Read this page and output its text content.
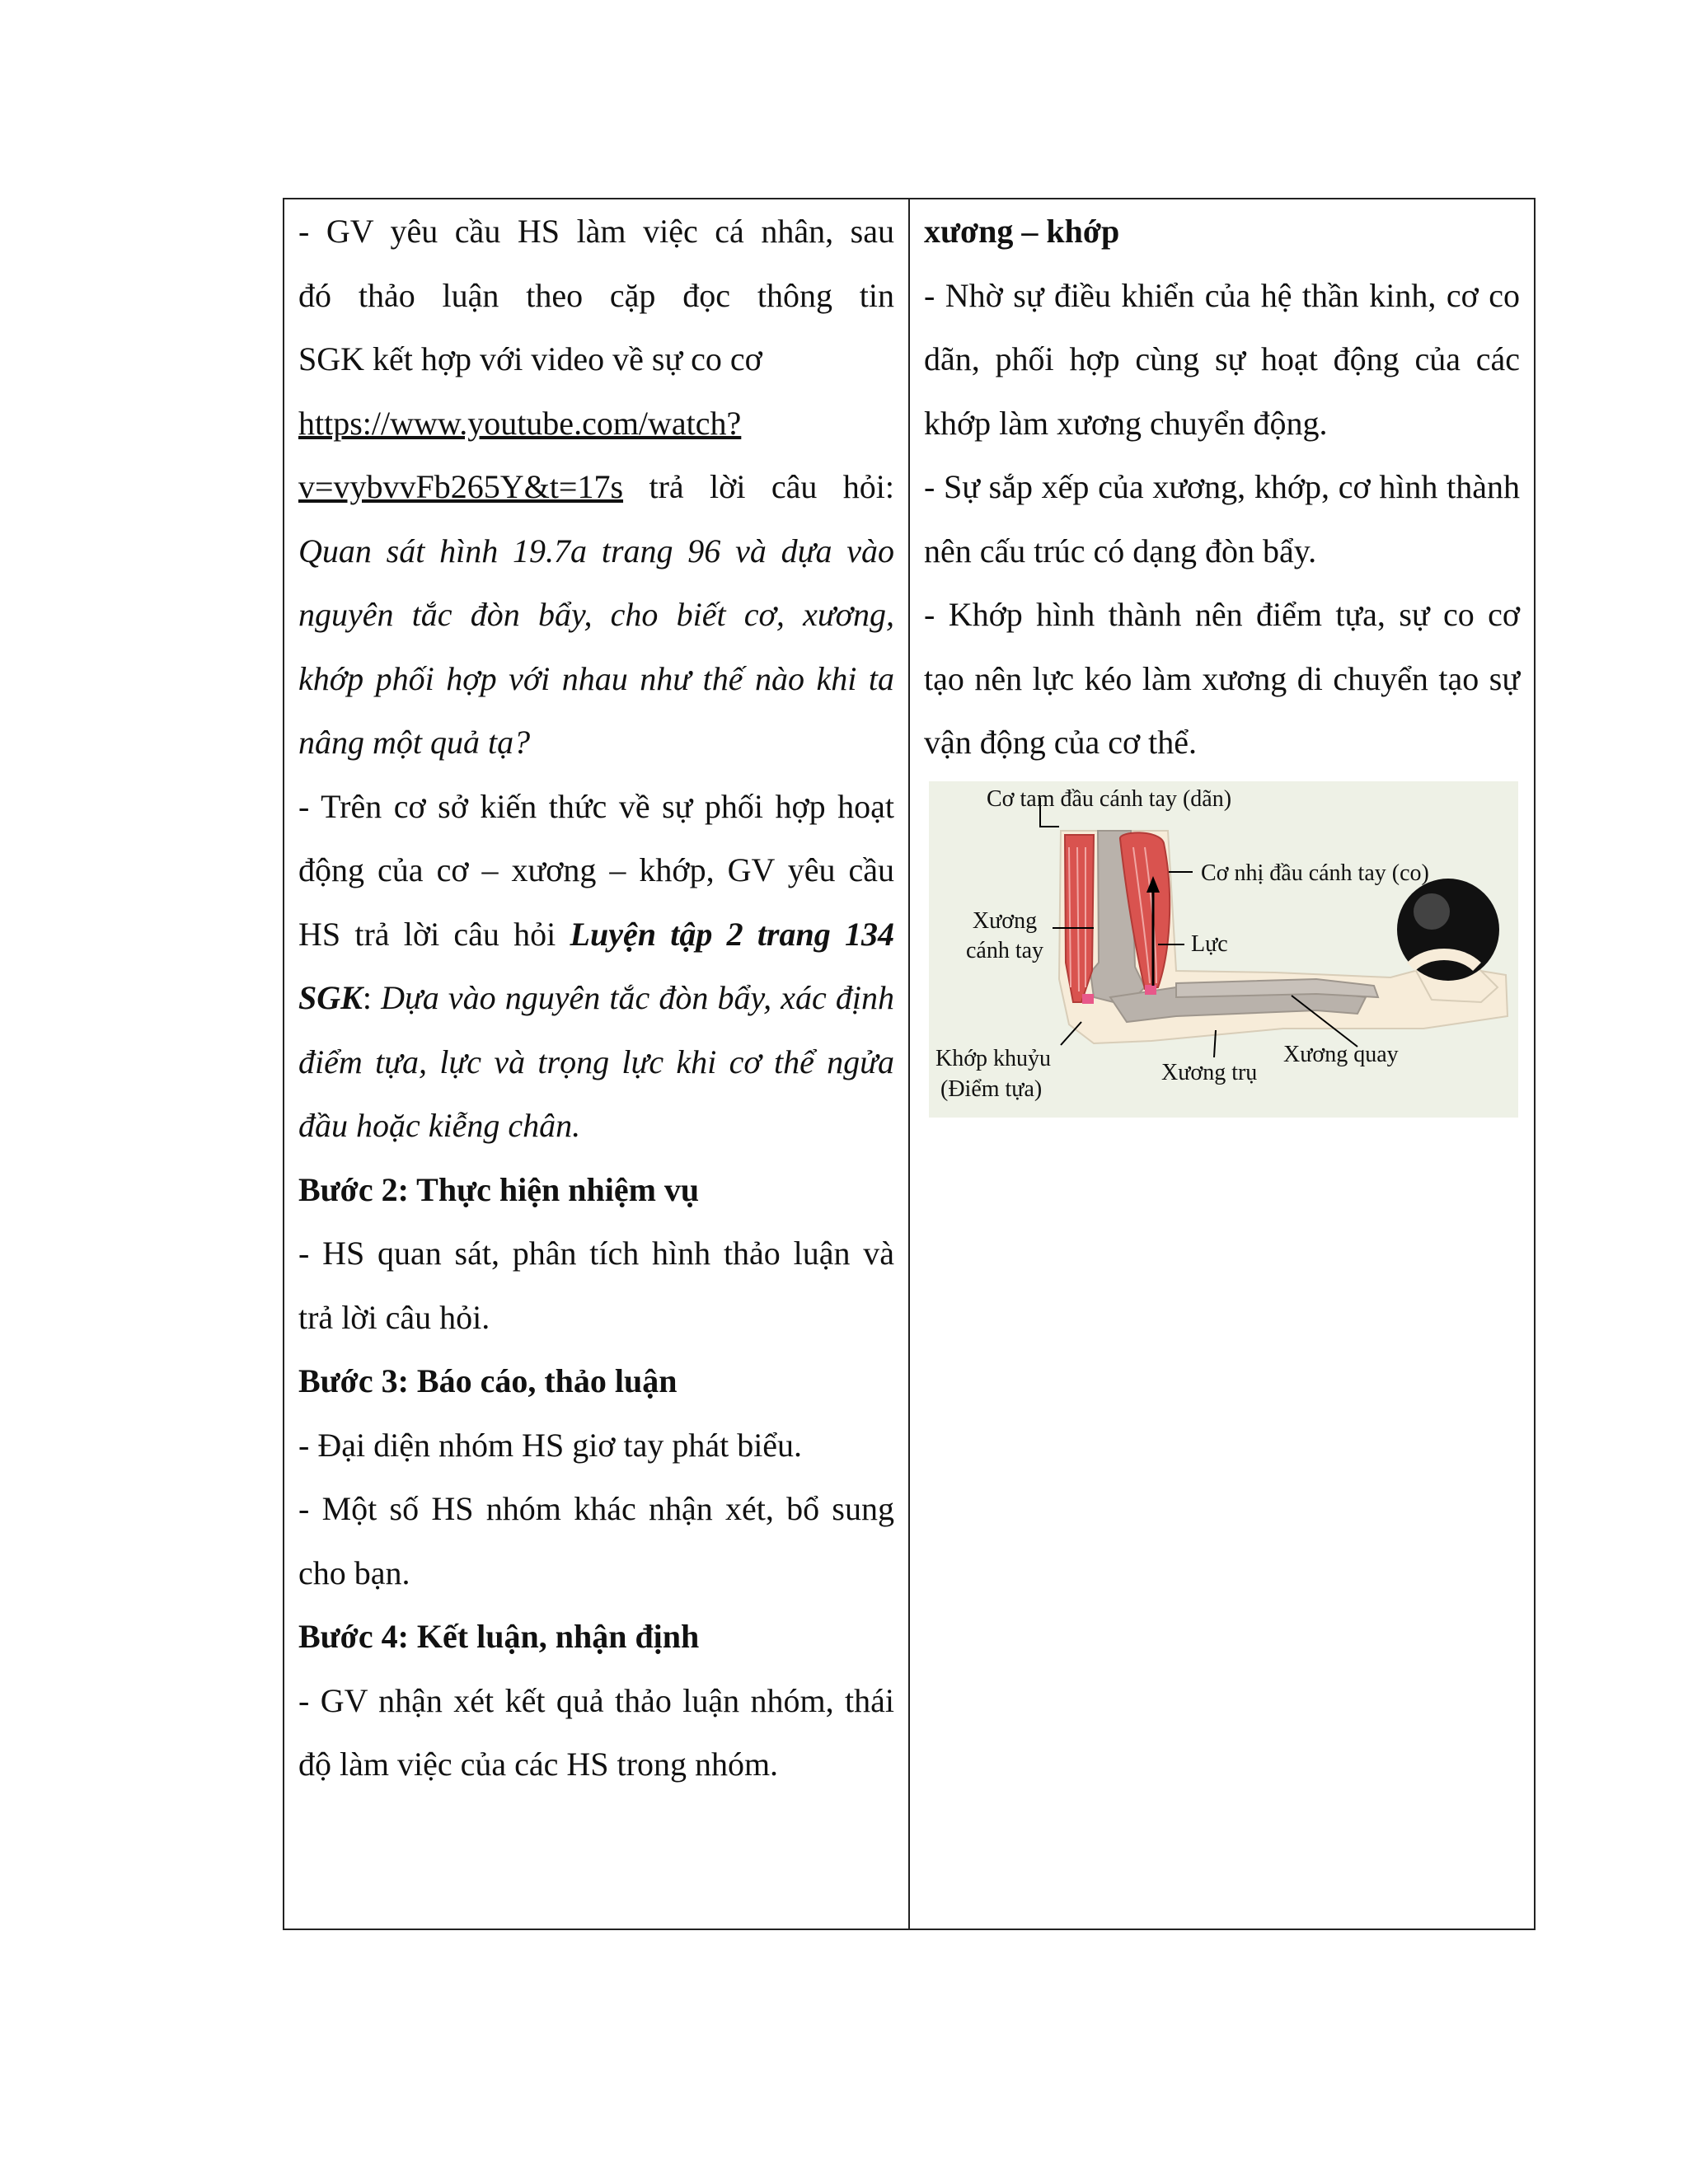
- GV yêu cầu HS làm việc cá nhân, sau

đó thảo luận theo cặp đọc thông tin

SGK kết hợp với video về sự co cơ

https://www.youtube.com/watch?

v=vybvvFb265Y&t=17s trả lời câu hỏi:

Quan sát hình 19.7a trang 96 và dựa vào nguyên tắc đòn bẩy, cho biết cơ, xương, khớp phối hợp với nhau như thế nào khi ta nâng một quả tạ?

- Trên cơ sở kiến thức về sự phối hợp hoạt động của cơ – xương – khớp, GV yêu cầu HS trả lời câu hỏi Luyện tập 2 trang 134 SGK: Dựa vào nguyên tắc đòn bẩy, xác định điểm tựa, lực và trọng lực khi cơ thể ngửa đầu hoặc kiễng chân.

Bước 2: Thực hiện nhiệm vụ

- HS quan sát, phân tích hình thảo luận và trả lời câu hỏi.

Bước 3: Báo cáo, thảo luận

- Đại diện nhóm HS giơ tay phát biểu.

- Một số HS nhóm khác nhận xét, bổ sung cho bạn.

Bước 4: Kết luận, nhận định

- GV nhận xét kết quả thảo luận nhóm, thái độ làm việc của các HS trong nhóm.

xương – khớp

- Nhờ sự điều khiển của hệ thần kinh, cơ co dãn, phối hợp cùng sự hoạt động của các khớp làm xương chuyển động.

- Sự sắp xếp của xương, khớp, cơ hình thành nên cấu trúc có dạng đòn bẩy.

- Khớp hình thành nên điểm tựa, sự co cơ tạo nên lực kéo làm xương di chuyển tạo sự vận động của cơ thể.

Cơ tam đầu cánh tay (dãn)
Cơ nhị đầu cánh tay (co)
Xương
cánh tay	Lực
Khớp khuỷu
(Điểm tựa)
Xương trụ
Xương quay
